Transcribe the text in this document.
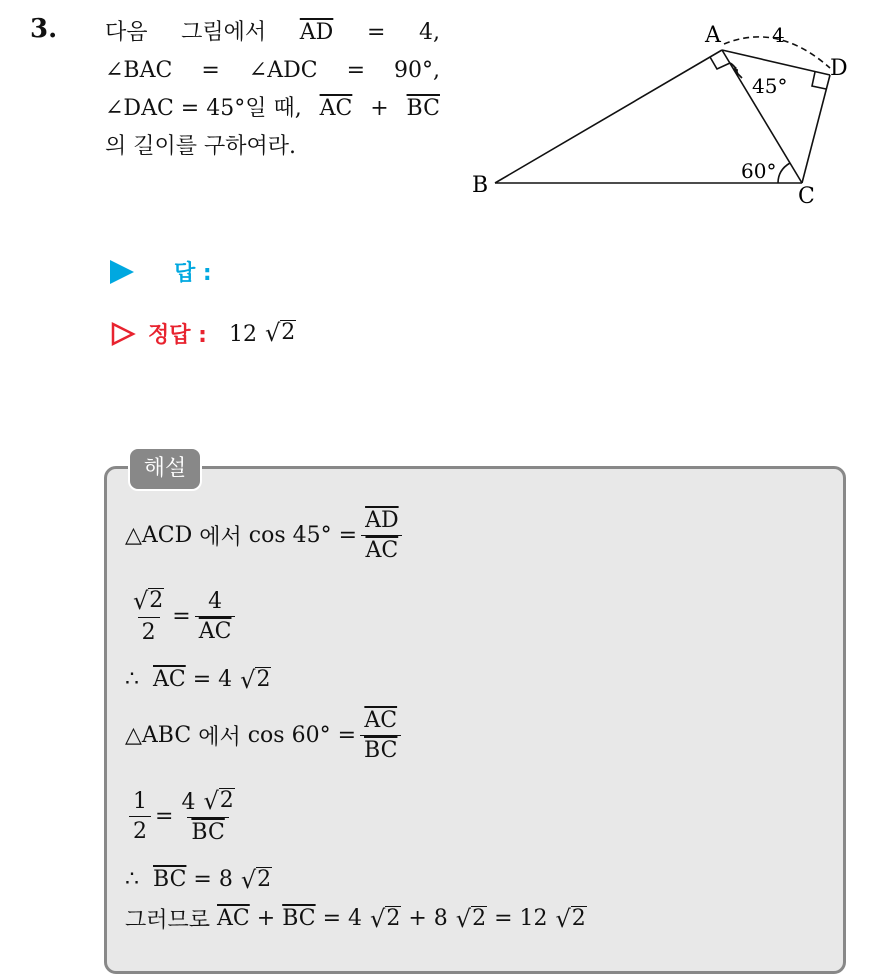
3. 다음 그림에서 $\overline{AD} = 4$,
∠BAC = ∠ADC = 90°,
∠DAC = 45°일 때, $\overline{AC} + \overline{BC}$
의 길이를 구하여라.
A
B	C
D
4
45°
60°
답 :
정답 : 12 √ 2
해설
△ACD
에서
$\cos 45^\circ = \frac{\overline{AD}}{AC}$
$\frac{√ 2}{2} = \frac{4}{AC}$
∴
$\overline{AC}$
= 4 √ 2
△ABC
에서
$\cos 60^\circ = \frac{\overline{AC}}{BC}$
$\frac{1}{2} = \frac{4 √ 2}{BC}$
∴
$\overline{BC}$
= 8 √ 2
그러므로
$\overline{AC}$
+
$\overline{BC}$
= 4 √ 2
+ 8 √ 2
= 12 √ 2
